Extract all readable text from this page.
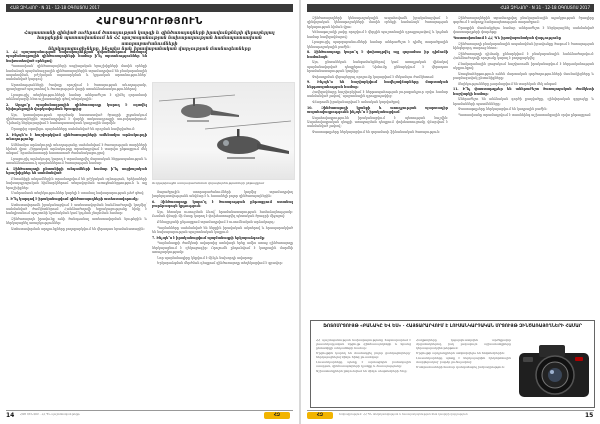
ՀԱՅ ԶԻՆՎՈՐ · N 31 · 12-18 ՕԳՈՍՏՈՍ 2017
ՀԱՐՑԱԴՐՈՒԹՅՈՒՆ
Հայաստանի զինված ուժերում ծառայության կարգի և զինծառայողների իրավունքների վերաբերյալ
հարցերին պատասխանում են ՀՀ պաշտպանության նախարարության համապատասխան ստորաբաժանումների
ներկայացուցիչները, ինչպես նաև իրավաբանական վարչության մասնագետները

1. ՀՀ պաշտպանության նախարարության զորամասերում ծառայող պայմանագրային զինծառայողների համար ի՞նչ արտոնություններ են նախատեսված օրենքով։

Պատասխան՝ զինծառայողների սոցիալական երաշխիքների մասին օրենքի համաձայն պայմանագրային զինծառայողներին տրամադրվում են բնակարանային ապահովման, բժշկական սպասարկման և կրթական արտոնություններ՝ սահմանված կարգով։

Արտոնությունների ծավալը որոշվում է ծառայության տևողությամբ, զբաղեցրած պաշտոնով և ծառայության վայրի առանձնահատկություններով։

Լրացուցիչ տեղեկությունների համար անհրաժեշտ է դիմել զորամասի անձնակազմի հետ աշխատանքի գծով տեղակալին։

2. Արդյո՞ք պայմանագրային զինծառայողը կարող է օգտվել հիփոթեքային վարկավորման ծրագրից։

Այո, կառավարության որոշմամբ հաստատված ծրագրի շրջանակում զինծառայողներին տրամադրվում է վարկի տոկոսադրույքի սուբսիդավորում։ Դիմումը ներկայացվում է համապատասխան կադրային մարմին։

Ծրագրից օգտվելու պայմանները սահմանված են որոշման հավելվածում։

3. Ինչպե՞ս է հաշվարկվում զինծառայողների ամենամյա արձակուրդի տևողությունը։

Ամենամյա արձակուրդի տևողությունը սահմանվում է ծառայության տարիների հիման վրա։ Հերթական արձակուրդը տրամադրվում է տարվա ընթացքում մեկ անգամ՝ հրամանատարի հաստատած ժամանակացույցով։

Լրացուցիչ արձակուրդ կարող է տրամադրվել մարտական հերթապահության և առանձնահատուկ պայմաններում ծառայության համար։

4. Զինծառայողի ընտանիքի անդամների համար ի՞նչ սոցիալական երաշխիքներ են սահմանված։

Ընտանիքի անդամներին տրամադրվում են բժշկական օգնություն, երեխաների նախադպրոցական հիմնարկներում տեղավորման առաջնահերթություն և այլ երաշխիքներ։

Մանրամասն տեղեկություններ կարելի է ստանալ նախարարության թեժ գծով։

5. Ի՞նչ կարգով է իրականացվում զինծառայողների ատեստավորումը։

Ատեստավորումն իրականացվում է ատեստավորման հանձնաժողովի կողմից՝ սահմանված ժամկետներում։ Հանձնաժողովի եզրակացությունը հիմք է հանդիսանում պաշտոնի նշանակման կամ կոչման շնորհման համար։

Զինծառայողն իրավունք ունի ծանոթանալ ատեստավորման նյութերին և ներկայացնել առարկություններ։

Ատեստավորման արդյունքները բողոքարկվում են վերադաս հրամանատարին։

Տարածքային ստորաբաժանումների կողմից տրամադրվող խորհրդատվությունն անվճար է և հասանելի բոլոր զինծառայողներին։

6. Զինծառայողը կարո՞ղ է ծառայության ընթացքում ստանալ բարձրագույն կրթություն։

Այո, հեռակա ուսուցման ձևով՝ հրամանատարության համաձայնությամբ։ Ուսման վճարի մի մասը կարող է փոխհատուցվել պետական ծրագրի միջոցով։

Քննաշրջանի ընթացքում տրամադրվում է ուսումնական արձակուրդ։

Պայմանները սահմանված են ներքին իրավական ակտերով և հրապարակված են նախարարության պաշտոնական կայքում։

7. Ինչպե՞ս է իրականացվում պայմանագրի երկարաձգումը։

Պայմանագրի ժամկետի ավարտից առնվազն երեք ամիս առաջ զինծառայողը ներկայացնում է զեկուցագիր։ Որոշումն ընդունվում է կադրային մարմնի առաջարկությամբ։

Նոր պայմանագիրը կնքվում է մինչև նախորդի ավարտը։

Երկարաձգման մերժման դեպքում զինծառայողը տեղեկացվում է գրավոր։

Ուղղաթիռային ստորաբաժանման զորավարժությունների ընթացքում
14 ՀԱՅ ԶԻՆՎՈՐ · ՀՀ ՊՆ պաշտոնական թերթ	ՀԶ
ՀԱՅ ԶԻՆՎՈՐ · N 31 · 12-18 ՕԳՈՍՏՈՍ 2017

Զինծառայողների կենսաթոշակային ապահովումն իրականացվում է զինվորական կենսաթոշակների մասին օրենքի համաձայն՝ ծառայության երկարության հիման վրա։

Կենսաթոշակի չափը որոշվում է վերջին պաշտոնային դրույքաչափով և կոչման համար հավելավճարով։

Լրացուցիչ պարզաբանումների համար անհրաժեշտ է դիմել տարածքային կենսաթոշակային բաժին։

8. Զինծառայողը կարո՞ղ է փոխադրվել այլ զորամաս իր դիմումի համաձայն։

Այո, ընտանեկան հանգամանքներով կամ առողջական վիճակով պայմանավորված դեպքերում։ Դիմումը քննարկվում է վերադաս հրամանատարության կողմից։

Փոխադրման վերաբերյալ որոշումը կայացվում է մեկամսյա ժամկետում։

9. Ինչպե՞ս են հաշվարկվում հավելավճարները մարտական հերթապահության համար։

Հավելավճարը հաշվարկվում է հերթապահության յուրաքանչյուր օրվա համար սահմանված չափով՝ պաշտոնային դրույքաչափից։

Վճարումն իրականացվում է ամսական կտրվածքով։

10. Զինծառայողի կյանքի և առողջության պարտադիր ապահովագրությունն ինչպե՞ս է իրականացվում։

Ապահովագրությունն իրականացվում է պետության հաշվին։ Ապահովագրական դեպքի առաջացման դեպքում փոխհատուցումը վճարվում է սահմանված չափով։

Փաստաթղթերը ներկայացվում են զորամասի ֆինանսական ծառայություն։

Զինծառայողներին տրամադրվող բնակարանային աջակցության ծրագիրը գործում է ամբողջ հանրապետության տարածքում։

Ծրագրին մասնակցելու համար անհրաժեշտ է ներկայացնել սահմանված փաստաթղթերի փաթեթը։

Պատասխանում է ՀՀ ՊՆ իրավաբանական վարչությունը

Զինծառայողի բնակարանային ապահովման իրավունքը ծագում է ծառայության հինգերորդ տարուց հետո։

Զինծառայողի դիմումը քննարկվում է բնակարանային հանձնաժողովում։ Հանձնաժողովի որոշումը կարող է բողոքարկվել։

Բնակարանային ցուցակում հաշվառումն իրականացվում է հերթականության սկզբունքով։

Առաջնահերթություն ունեն մարտական գործողությունների մասնակիցները և բազմազավակ ընտանիքները։

Տեղեկությունները թարմացվում են տարեկան մեկ անգամ։

11. Ի՞նչ փաստաթղթեր են անհրաժեշտ ծառայողական ժամկետի հաշվարկի համար։

Անհրաժեշտ են անձնական գործի քաղվածքը, զինվորական գրքույկը և հրամանների պատճենները։

Փաստաթղթերը ներկայացվում են կադրային բաժին։

Պատասխանը տրամադրվում է տասնհինգ աշխատանքային օրվա ընթացքում։

ՀԶ	Խմբագրություն՝ ՀՀ ՊՆ տեղեկատվության և հասարակայնության հետ կապերի վարչություն	15
ՖՈՏՈՄՐՑՈՒՅԹ «ԲԱՆԱԿԸ ԵՎ ԵՍ» · ՀԱՅՏԱՐԱՐՎՈՒՄ Է ԼՈՒՍԱՆԿԱՐՉԱԿԱՆ ՄՐՑՈՒՅԹ ԶԻՆԾԱՌԱՅՈՂՆԵՐԻ ՀԱՄԱՐ

ՀՀ պաշտպանության նախարարությունը հայտարարում է լուսանկարչական մրցույթ զինծառայողների և նրանց ընտանիքի անդամների համար։

Մրցույթին կարող են մասնակցել բոլոր ցանկացողները՝ ներկայացնելով մինչև հինգ լուսանկար։

Լուսանկարները պետք է արտացոլեն բանակային առօրյան, զինծառայողների կյանքը և ծառայությունը։

Աշխատանքներն ընդունվում են մինչև սեպտեմբերի 30-ը։

Հաղթողները կպարգևատրվեն արժեքավոր մրցանակներով, իսկ լավագույն աշխատանքները կհրապարակվեն թերթում։

Մրցույթի արդյունքներն ամփոփվելու են հոկտեմբերին։

Լուսանկարները պետք է ներկայացվեն էլեկտրոնային տարբերակով՝ բարձր լուծաչափով։

Մանրամասների համար զանգահարել խմբագրություն։
